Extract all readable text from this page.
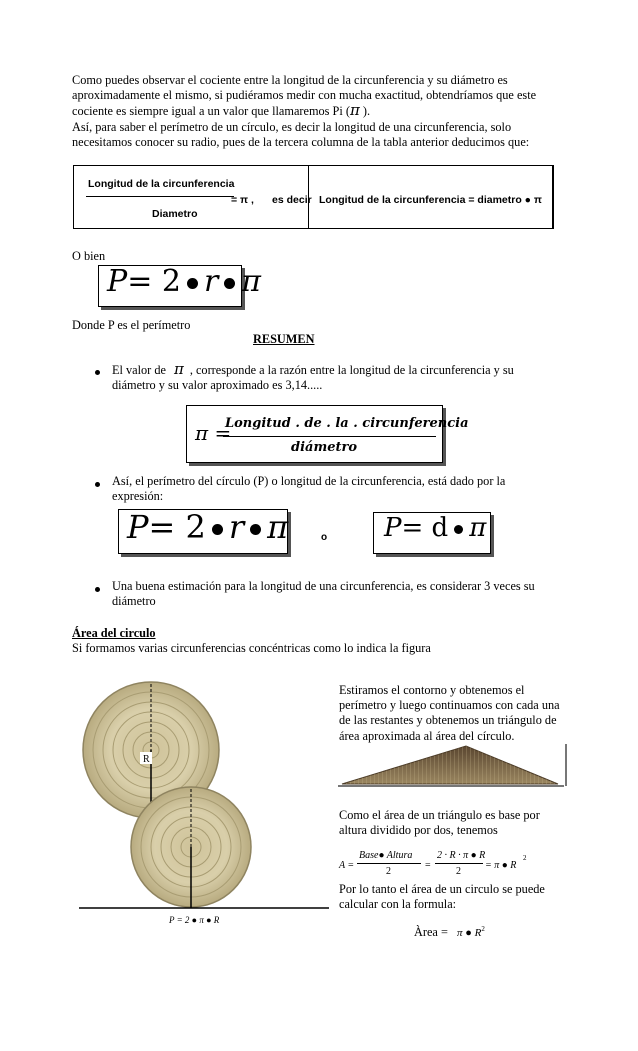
Como puedes observar el cociente entre la longitud de la circunferencia y su diámetro es
aproximadamente el mismo, si pudiéramos medir con mucha exactitud, obtendríamos que este
cociente es siempre igual a un valor que llamaremos Pi (π ).
Así, para saber el perímetro de un círculo, es decir la longitud de una circunferencia, solo
necesitamos conocer su radio, pues de la tercera columna de la tabla anterior deducimos que:
Longitud de la circunferencia
Diametro
= π , es decir Longitud de la circunferencia = diametro ● π
O bien
P= 2 r π
Donde P es el perímetro
RESUMEN
El valor de π , corresponde a la razón entre la longitud de la circunferencia y su
diámetro y su valor aproximado es 3,14.....
π =
Longitud . de . la . circunferencia
diámetro
Así, el perímetro del círculo (P) o longitud de la circunferencia, está dado por la
expresión:
P= 2 r π	o P= d π
Una buena estimación para la longitud de una circunferencia, es considerar 3 veces su
diámetro
Área del circulo
Si formamos varias circunferencias concéntricas como lo indica la figura
R
P = 2 ● π ● R
Estiramos el contorno y obtenemos el
perímetro y luego continuamos con cada una
de las restantes y obtenemos un triángulo de
área aproximada al área del círculo.
Como el área de un triángulo es base por
altura dividido por dos, tenemos
A =
Base● Altura
2
=
2 · R · π ● R
2
= π ● R
2
Por lo tanto el área de un circulo se puede
calcular con la formula:
Àrea = π ● $R^2$
